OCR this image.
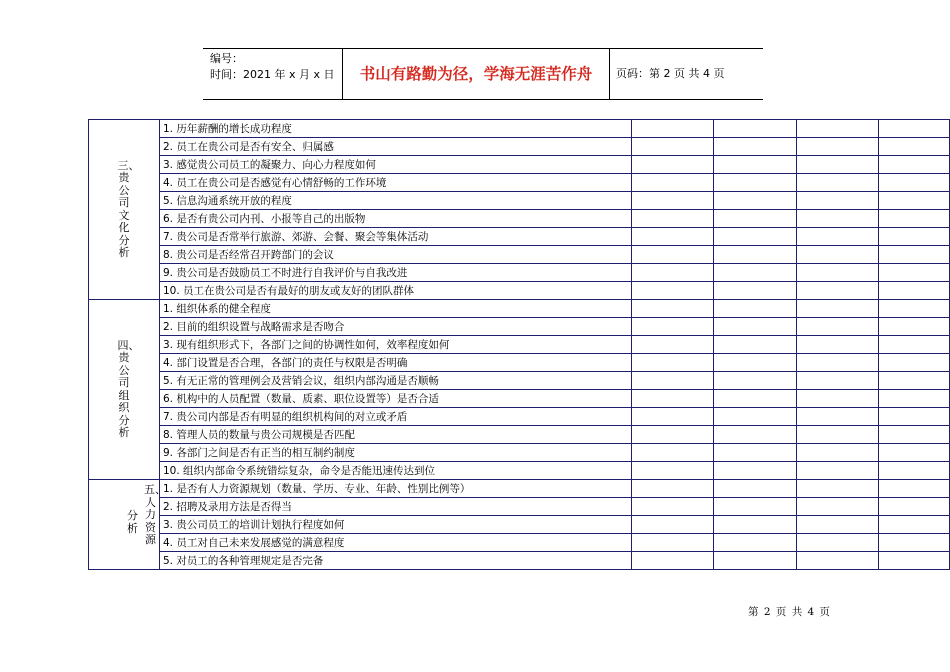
编号：
时间：2021 年 x 月 x 日	书山有路勤为径，学海无涯苦作舟	页码：第 2 页 共 4 页
三、贵公司文化分析	1. 历年薪酬的增长成功程度				
	2. 员工在贵公司是否有安全、归属感				
	3. 感觉贵公司员工的凝聚力、向心力程度如何				
	4. 员工在贵公司是否感觉有心情舒畅的工作环境				
	5. 信息沟通系统开放的程度				
	6. 是否有贵公司内刊、小报等自己的出版物				
	7. 贵公司是否常举行旅游、郊游、会餐、聚会等集体活动				
	8. 贵公司是否经常召开跨部门的会议				
	9. 贵公司是否鼓励员工不时进行自我评价与自我改进				
	10. 员工在贵公司是否有最好的朋友或友好的团队群体				
四、贵公司组织分析	1. 组织体系的健全程度				
	2. 目前的组织设置与战略需求是否吻合				
	3. 现有组织形式下，各部门之间的协调性如何，效率程度如何				
	4. 部门设置是否合理，各部门的责任与权限是否明确				
	5. 有无正常的管理例会及营销会议，组织内部沟通是否顺畅				
	6. 机构中的人员配置（数量、质素、职位设置等）是否合适				
	7. 贵公司内部是否有明显的组织机构间的对立或矛盾				
	8. 管理人员的数量与贵公司规模是否匹配				
	9. 各部门之间是否有正当的相互制约制度				
	10. 组织内部命令系统错综复杂，命令是否能迅速传达到位				

五、人力资源
分析	1. 是否有人力资源规划（数量、学历、专业、年龄、性别比例等）				
	2. 招聘及录用方法是否得当				
	3. 贵公司员工的培训计划执行程度如何				
	4. 员工对自己未来发展感觉的满意程度				
	5. 对员工的各种管理规定是否完备				
第 2 页 共 4 页
